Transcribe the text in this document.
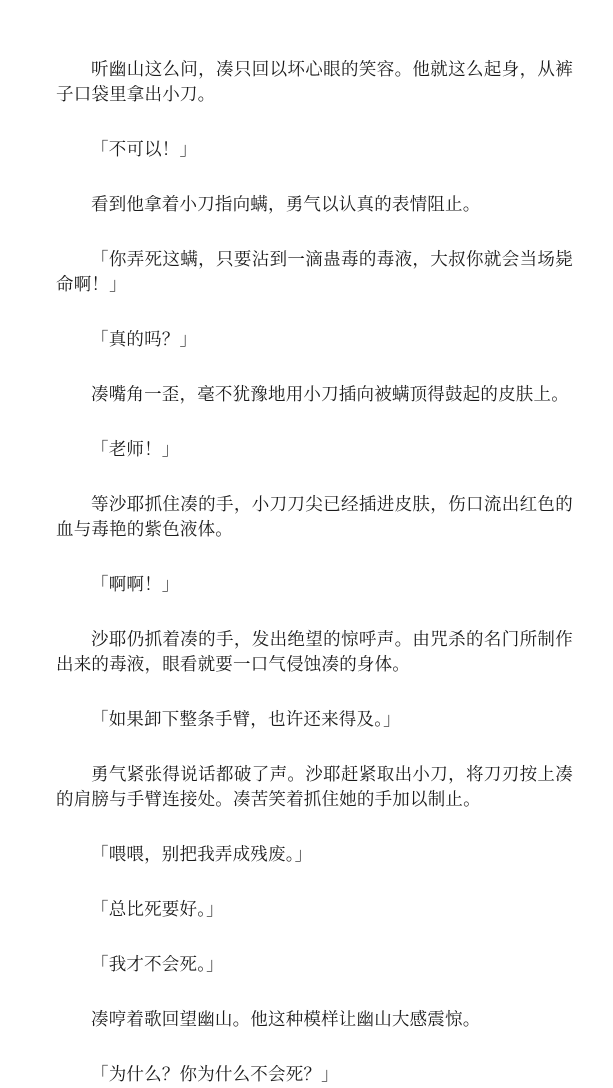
听幽山这么问，凑只回以坏心眼的笑容。他就这么起身，从裤子口袋里拿出小刀。

「不可以！」

看到他拿着小刀指向螨，勇气以认真的表情阻止。

「你弄死这螨，只要沾到一滴蛊毒的毒液，大叔你就会当场毙命啊！」

「真的吗？」

凑嘴角一歪，毫不犹豫地用小刀插向被螨顶得鼓起的皮肤上。

「老师！」

等沙耶抓住凑的手，小刀刀尖已经插进皮肤，伤口流出红色的血与毒艳的紫色液体。

「啊啊！」

沙耶仍抓着凑的手，发出绝望的惊呼声。由咒杀的名门所制作出来的毒液，眼看就要一口气侵蚀凑的身体。

「如果卸下整条手臂，也许还来得及。」

勇气紧张得说话都破了声。沙耶赶紧取出小刀，将刀刃按上凑的肩膀与手臂连接处。凑苦笑着抓住她的手加以制止。

「喂喂，别把我弄成残废。」

「总比死要好。」

「我才不会死。」

凑哼着歌回望幽山。他这种模样让幽山大感震惊。

「为什么？你为什么不会死？」
